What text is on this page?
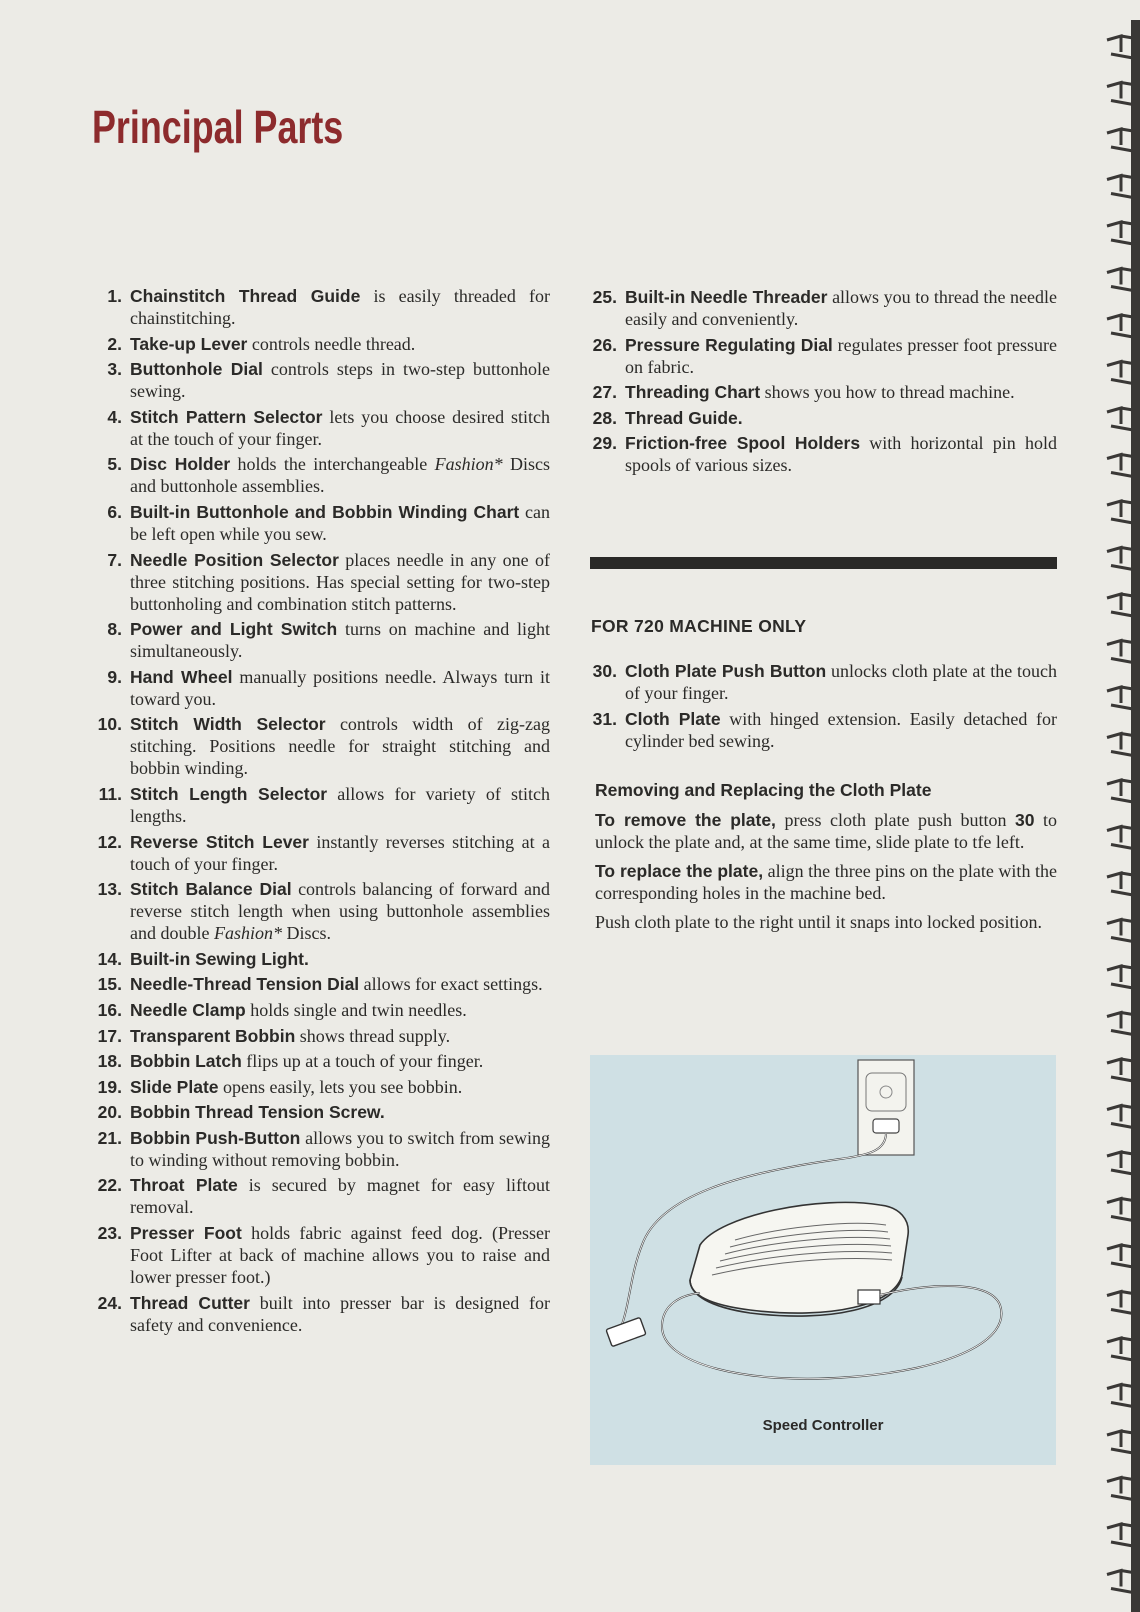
Principal Parts
1. Chainstitch Thread Guide is easily threaded for chainstitching.
2. Take-up Lever controls needle thread.
3. Buttonhole Dial controls steps in two-step buttonhole sewing.
4. Stitch Pattern Selector lets you choose desired stitch at the touch of your finger.
5. Disc Holder holds the interchangeable Fashion* Discs and buttonhole assemblies.
6. Built-in Buttonhole and Bobbin Winding Chart can be left open while you sew.
7. Needle Position Selector places needle in any one of three stitching positions. Has special setting for two-step buttonholing and combination stitch patterns.
8. Power and Light Switch turns on machine and light simultaneously.
9. Hand Wheel manually positions needle. Always turn it toward you.
10. Stitch Width Selector controls width of zig-zag stitching. Positions needle for straight stitching and bobbin winding.
11. Stitch Length Selector allows for variety of stitch lengths.
12. Reverse Stitch Lever instantly reverses stitching at a touch of your finger.
13. Stitch Balance Dial controls balancing of forward and reverse stitch length when using buttonhole assemblies and double Fashion* Discs.
14. Built-in Sewing Light.
15. Needle-Thread Tension Dial allows for exact settings.
16. Needle Clamp holds single and twin needles.
17. Transparent Bobbin shows thread supply.
18. Bobbin Latch flips up at a touch of your finger.
19. Slide Plate opens easily, lets you see bobbin.
20. Bobbin Thread Tension Screw.
21. Bobbin Push-Button allows you to switch from sewing to winding without removing bobbin.
22. Throat Plate is secured by magnet for easy liftout removal.
23. Presser Foot holds fabric against feed dog. (Presser Foot Lifter at back of machine allows you to raise and lower presser foot.)
24. Thread Cutter built into presser bar is designed for safety and convenience.
25. Built-in Needle Threader allows you to thread the needle easily and conveniently.
26. Pressure Regulating Dial regulates presser foot pressure on fabric.
27. Threading Chart shows you how to thread machine.
28. Thread Guide.
29. Friction-free Spool Holders with horizontal pin hold spools of various sizes.
FOR 720 MACHINE ONLY
30. Cloth Plate Push Button unlocks cloth plate at the touch of your finger.
31. Cloth Plate with hinged extension. Easily detached for cylinder bed sewing.
Removing and Replacing the Cloth Plate

To remove the plate, press cloth plate push button 30 to unlock the plate and, at the same time, slide plate to tfe left.

To replace the plate, align the three pins on the plate with the corresponding holes in the machine bed.

Push cloth plate to the right until it snaps into locked position.

Speed Controller
